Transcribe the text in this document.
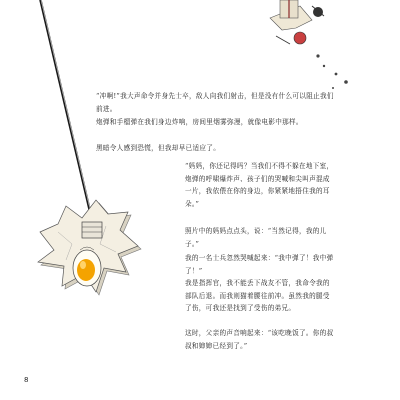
“冲啊!”我大声命令并身先士卒，敌人向我们射击，但是没有什么可以阻止我们前进。

炮弹和手榴弹在我们身边炸响，房间里烟雾弥漫，就像电影中那样。

黑暗令人感到恐慌，但我却早已适应了。

“妈妈，你还记得吗？当我们不得不躲在地下室，炮弹的呼啸爆炸声、孩子们的哭喊和尖叫声混成一片，我依偎在你的身边，你紧紧地捂住我的耳朵。”

照片中的妈妈点点头，说：“当然记得，我的儿子。”

我的一名士兵忽然哭喊起来：“我中弹了！我中弹了！”

我是指挥官，我不能丢下战友不管，我命令我的部队后退。而我则猫着腰往前冲。虽然我的腿受了伤，可我还是找到了受伤的弟兄。

这时，父亲的声音响起来：“该吃晚饭了。你的叔叔和婶婶已经到了。”

8
